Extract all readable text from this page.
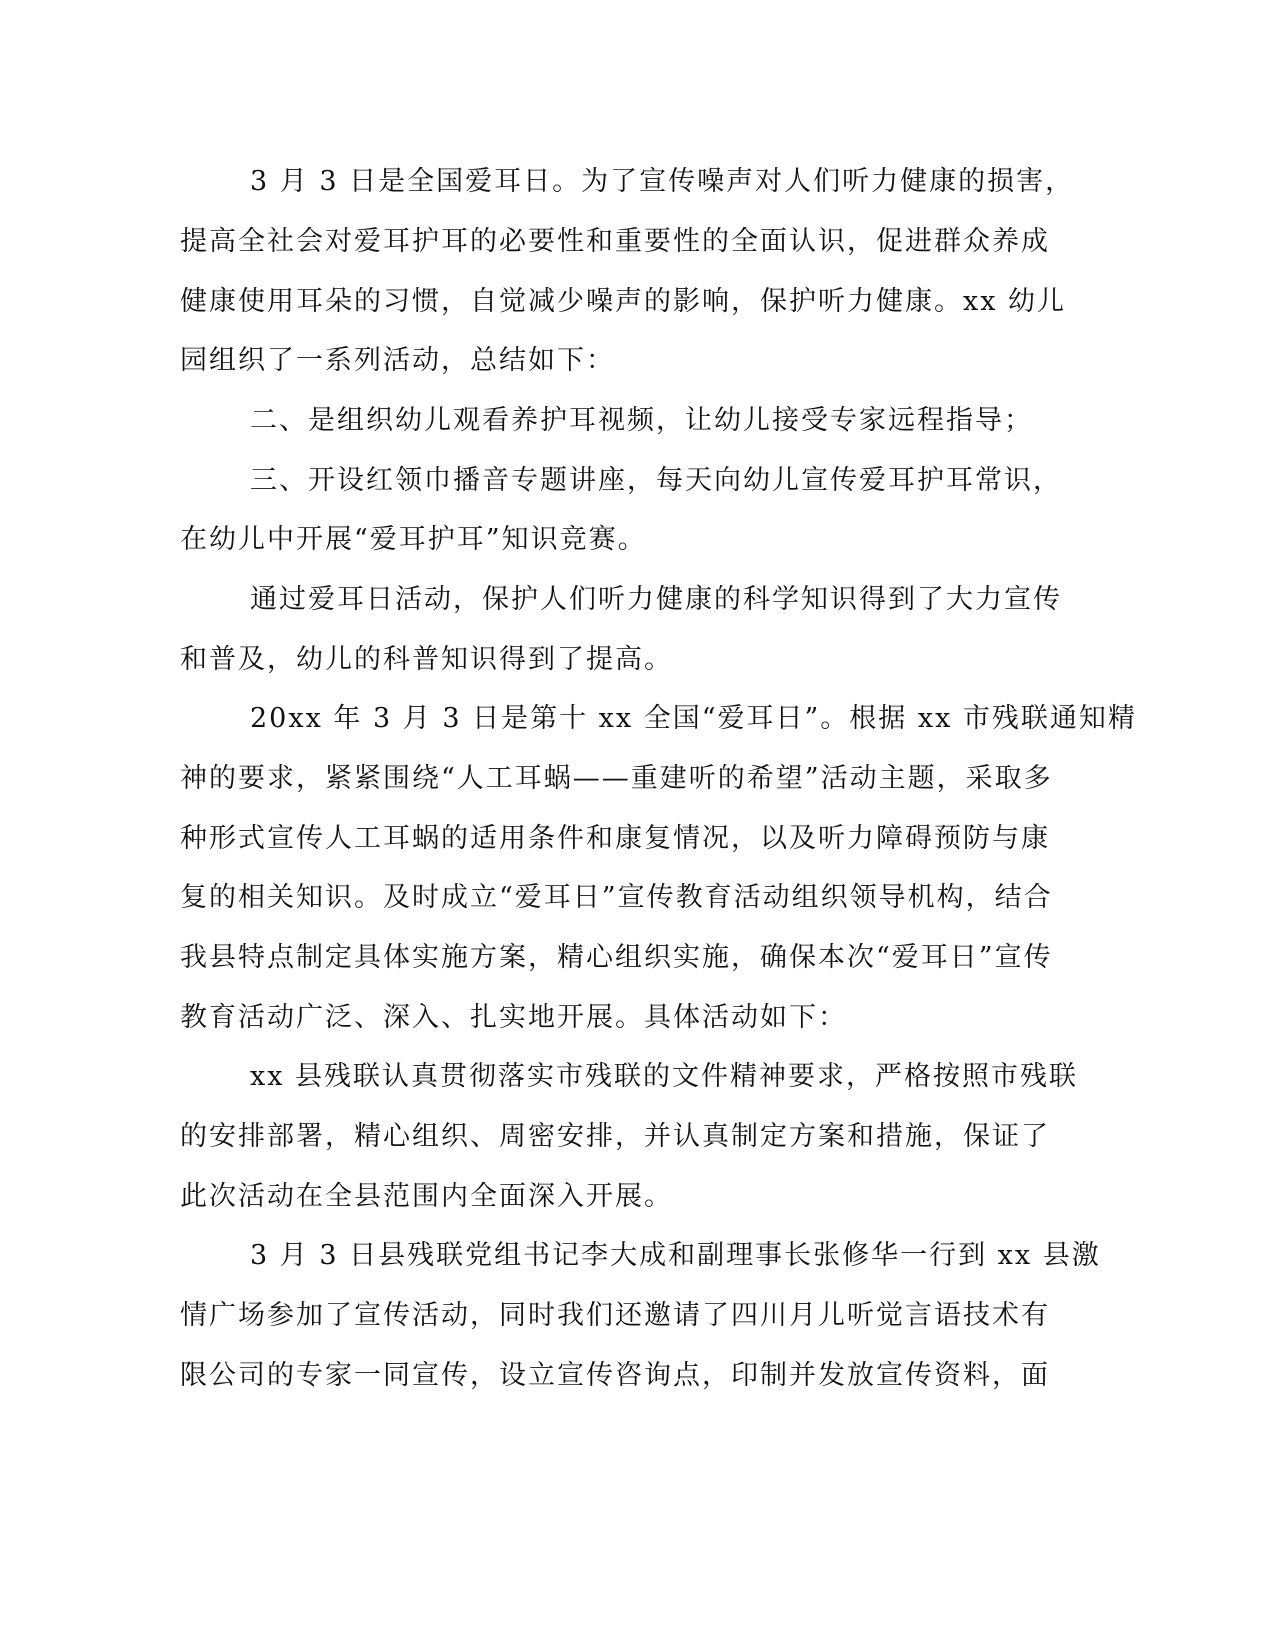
3 月 3 日是全国爱耳日。为了宣传噪声对人们听力健康的损害，
提高全社会对爱耳护耳的必要性和重要性的全面认识，促进群众养成
健康使用耳朵的习惯，自觉减少噪声的影响，保护听力健康。xx 幼儿
园组织了一系列活动，总结如下：
二、是组织幼儿观看养护耳视频，让幼儿接受专家远程指导；
三、开设红领巾播音专题讲座，每天向幼儿宣传爱耳护耳常识，
在幼儿中开展“爱耳护耳”知识竞赛。
通过爱耳日活动，保护人们听力健康的科学知识得到了大力宣传
和普及，幼儿的科普知识得到了提高。
20xx 年 3 月 3 日是第十 xx 全国“爱耳日”。根据 xx 市残联通知精
神的要求，紧紧围绕“人工耳蜗——重建听的希望”活动主题，采取多
种形式宣传人工耳蜗的适用条件和康复情况，以及听力障碍预防与康
复的相关知识。及时成立“爱耳日”宣传教育活动组织领导机构，结合
我县特点制定具体实施方案，精心组织实施，确保本次“爱耳日”宣传
教育活动广泛、深入、扎实地开展。具体活动如下：
xx 县残联认真贯彻落实市残联的文件精神要求，严格按照市残联
的安排部署，精心组织、周密安排，并认真制定方案和措施，保证了
此次活动在全县范围内全面深入开展。
3 月 3 日县残联党组书记李大成和副理事长张修华一行到 xx 县激
情广场参加了宣传活动，同时我们还邀请了四川月儿听觉言语技术有
限公司的专家一同宣传，设立宣传咨询点，印制并发放宣传资料，面
